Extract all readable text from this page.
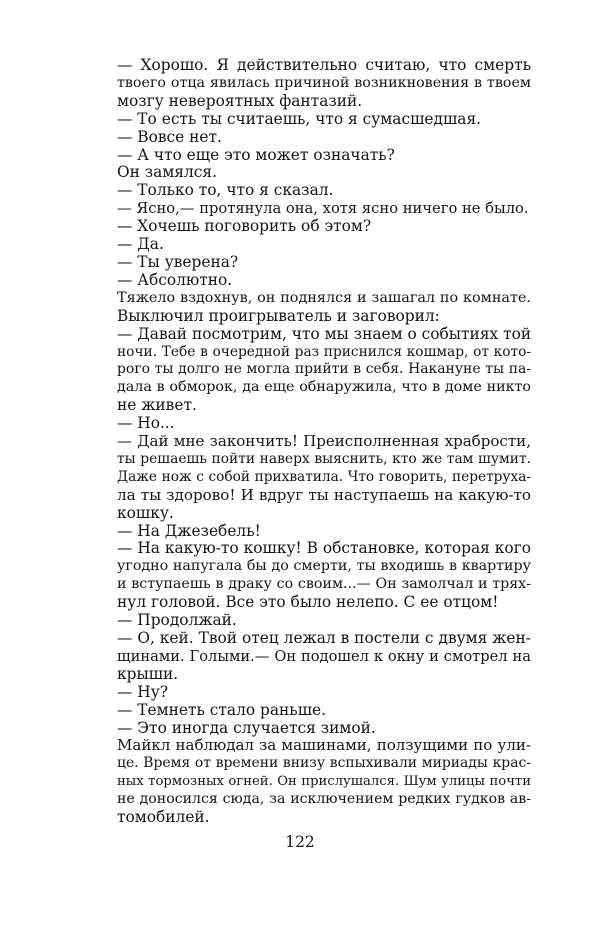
— Хорошо. Я действительно считаю, что смерть
твоего отца явилась причиной возникновения в твоем
мозгу невероятных фантазий.
— То есть ты считаешь, что я сумасшедшая.
— Вовсе нет.
— А что еще это может означать?
Он замялся.
— Только то, что я сказал.
— Ясно,— протянула она, хотя ясно ничего не было.
— Хочешь поговорить об этом?
— Да.
— Ты уверена?
— Абсолютно.
Тяжело вздохнув, он поднялся и зашагал по комнате.
Выключил проигрыватель и заговорил:
— Давай посмотрим, что мы знаем о событиях той
ночи. Тебе в очередной раз приснился кошмар, от кото-
рого ты долго не могла прийти в себя. Накануне ты па-
дала в обморок, да еще обнаружила, что в доме никто
не живет.
— Но...
— Дай мне закончить! Преисполненная храбрости,
ты решаешь пойти наверх выяснить, кто же там шумит.
Даже нож с собой прихватила. Что говорить, перетруха-
ла ты здорово! И вдруг ты наступаешь на какую-то
кошку.
— На Джезебель!
— На какую-то кошку! В обстановке, которая кого
угодно напугала бы до смерти, ты входишь в квартиру
и вступаешь в драку со своим...— Он замолчал и трях-
нул головой. Все это было нелепо. С ее отцом!
— Продолжай.
— О, кей. Твой отец лежал в постели с двумя жен-
щинами. Голыми.— Он подошел к окну и смотрел на
крыши.
— Ну?
— Темнеть стало раньше.
— Это иногда случается зимой.
Майкл наблюдал за машинами, ползущими по ули-
це. Время от времени внизу вспыхивали мириады крас-
ных тормозных огней. Он прислушался. Шум улицы почти
не доносился сюда, за исключением редких гудков ав-
томобилей.
122
